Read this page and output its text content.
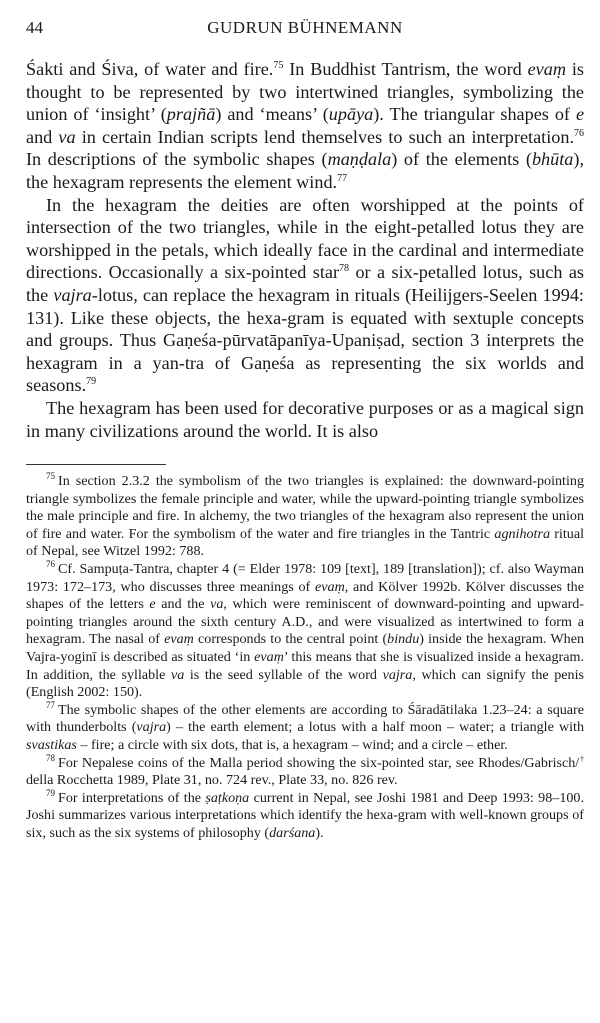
44	GUDRUN BÜHNEMANN

Śakti and Śiva, of water and fire.$^{75}$ In Buddhist Tantrism, the word evaṃ is thought to be represented by two intertwined triangles, symbolizing the union of ‘insight’ (prajñā) and ‘means’ (upāya). The triangular shapes of e and va in certain Indian scripts lend themselves to such an interpretation.$^{76}$ In descriptions of the symbolic shapes (maṇḍala) of the elements (bhūta), the hexagram represents the element wind.$^{77}$

In the hexagram the deities are often worshipped at the points of intersection of the two triangles, while in the eight-petalled lotus they are worshipped in the petals, which ideally face in the cardinal and intermediate directions. Occasionally a six-pointed star$^{78}$ or a six-petalled lotus, such as the vajra-lotus, can replace the hexagram in rituals (Heilijgers-Seelen 1994: 131). Like these objects, the hexa-gram is equated with sextuple concepts and groups. Thus Gaṇeśa-pūrvatāpanīya-Upaniṣad, section 3 interprets the hexagram in a yan-tra of Gaṇeśa as representing the six worlds and seasons.$^{79}$

The hexagram has been used for decorative purposes or as a magical sign in many civilizations around the world. It is also

$^{75}$ In section 2.3.2 the symbolism of the two triangles is explained: the downward-pointing triangle symbolizes the female principle and water, while the upward-pointing triangle symbolizes the male principle and fire. In alchemy, the two triangles of the hexagram also represent the union of fire and water. For the symbolism of the water and fire triangles in the Tantric agnihotra ritual of Nepal, see Witzel 1992: 788.

$^{76}$ Cf. Sampuṭa-Tantra, chapter 4 (= Elder 1978: 109 [text], 189 [translation]); cf. also Wayman 1973: 172–173, who discusses three meanings of evaṃ, and Kölver 1992b. Kölver discusses the shapes of the letters e and the va, which were reminiscent of downward-pointing and upward-pointing triangles around the sixth century A.D., and were visualized as intertwined to form a hexagram. The nasal of evaṃ corresponds to the central point (bindu) inside the hexagram. When Vajra-yoginī is described as situated ‘in evaṃ’ this means that she is visualized inside a hexagram. In addition, the syllable va is the seed syllable of the word vajra, which can signify the penis (English 2002: 150).

$^{77}$ The symbolic shapes of the other elements are according to Śāradātilaka 1.23–24: a square with thunderbolts (vajra) – the earth element; a lotus with a half moon – water; a triangle with svastikas – fire; a circle with six dots, that is, a hexagram – wind; and a circle – ether.

$^{78}$ For Nepalese coins of the Malla period showing the six-pointed star, see Rhodes/Gabrisch/† della Rocchetta 1989, Plate 31, no. 724 rev., Plate 33, no. 826 rev.

$^{79}$ For interpretations of the ṣaṭkoṇa current in Nepal, see Joshi 1981 and Deep 1993: 98–100. Joshi summarizes various interpretations which identify the hexa-gram with well-known groups of six, such as the six systems of philosophy (darśana).
